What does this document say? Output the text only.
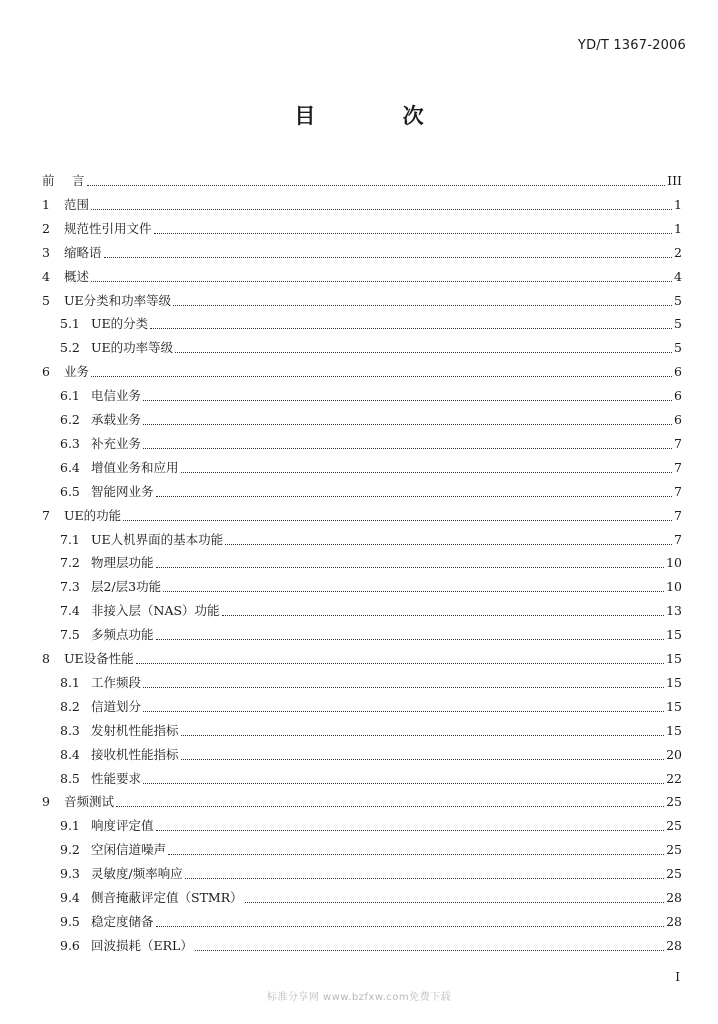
YD/T 1367-2006
目 次
前	言	III
1	范围	1
2	规范性引用文件	1
3	缩略语	2
4	概述	4
5	UE分类和功率等级	5
5.1 UE的分类	5
5.2 UE的功率等级	5
6	业务	6
6.1 电信业务	6
6.2 承载业务	6
6.3 补充业务	7
6.4 增值业务和应用	7
6.5 智能网业务	7
7	UE的功能	7
7.1 UE人机界面的基本功能	7
7.2 物理层功能	10
7.3 层2/层3功能	10
7.4 非接入层（NAS）功能	13
7.5 多频点功能	15
8	UE设备性能	15
8.1 工作频段	15
8.2 信道划分	15
8.3 发射机性能指标	15
8.4 接收机性能指标	20
8.5 性能要求	22
9	音频测试	25
9.1 响度评定值	25
9.2 空闲信道噪声	25
9.3 灵敏度/频率响应	25
9.4 侧音掩蔽评定值（STMR）	28
9.5 稳定度储备	28
9.6 回波损耗（ERL）	28
I
标准分享网 www.bzfxw.com免费下载
